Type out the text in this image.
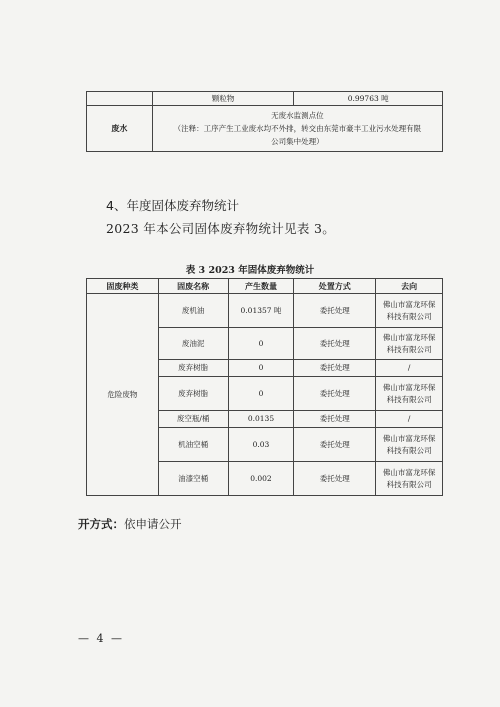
	颗粒物	0.99763 吨
废水	无废水监测点位
（注释：工序产生工业废水均不外排，转交由东莞市豪丰工业污水处理有限
公司集中处理）	
4、年度固体废弃物统计
2023 年本公司固体废弃物统计见表 3。
表 3 2023 年固体废弃物统计
固废种类	固废名称	产生数量	处置方式	去向
危险废物	废机油	0.01357 吨	委托处理	佛山市富龙环保
科技有限公司

	废油泥	0	委托处理	佛山市富龙环保
科技有限公司

	废弃树脂	0	委托处理	/
	废弃树脂	0	委托处理	佛山市富龙环保
科技有限公司

	废空瓶/桶	0.0135	委托处理	/
	机油空桶	0.03	委托处理	佛山市富龙环保
科技有限公司

	油漆空桶	0.002	委托处理	佛山市富龙环保
科技有限公司
开方式：依申请公开
— 4 —
